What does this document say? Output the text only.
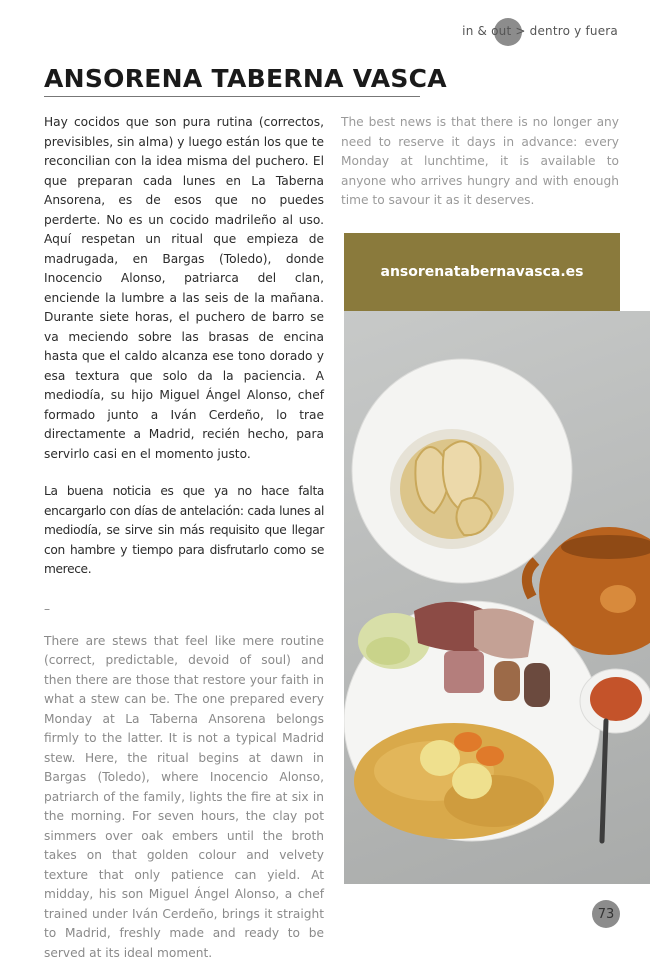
in & out > dentro y fuera
ANSORENA TABERNA VASCA

Hay cocidos que son pura rutina (correctos, previsibles, sin alma) y luego están los que te reconcilian con la idea misma del puchero. El que preparan cada lunes en La Taberna Ansorena, es de esos que no puedes perderte. No es un cocido madrileño al uso. Aquí respetan un ritual que empieza de madrugada, en Bargas (Toledo), donde Inocencio Alonso, patriarca del clan, enciende la lumbre a las seis de la mañana. Durante siete horas, el puchero de barro se va meciendo sobre las brasas de encina hasta que el caldo alcanza ese tono dorado y esa textura que solo da la paciencia. A mediodía, su hijo Miguel Ángel Alonso, chef formado junto a Iván Cerdeño, lo trae directamente a Madrid, recién hecho, para servirlo casi en el momento justo.

La buena noticia es que ya no hace falta encargarlo con días de antelación: cada lunes al mediodía, se sirve sin más requisito que llegar con hambre y tiempo para disfrutarlo como se merece.

–

There are stews that feel like mere routine (correct, predictable, devoid of soul) and then there are those that restore your faith in what a stew can be. The one prepared every Monday at La Taberna Ansorena belongs firmly to the latter. It is not a typical Madrid stew. Here, the ritual begins at dawn in Bargas (Toledo), where Inocencio Alonso, patriarch of the family, lights the fire at six in the morning. For seven hours, the clay pot simmers over oak embers until the broth takes on that golden colour and velvety texture that only patience can yield. At midday, his son Miguel Ángel Alonso, a chef trained under Iván Cerdeño, brings it straight to Madrid, freshly made and ready to be served at its ideal moment.

The best news is that there is no longer any need to reserve it days in advance: every Monday at lunchtime, it is available to anyone who arrives hungry and with enough time to savour it as it deserves.

ansorenatabernavasca.es
73
